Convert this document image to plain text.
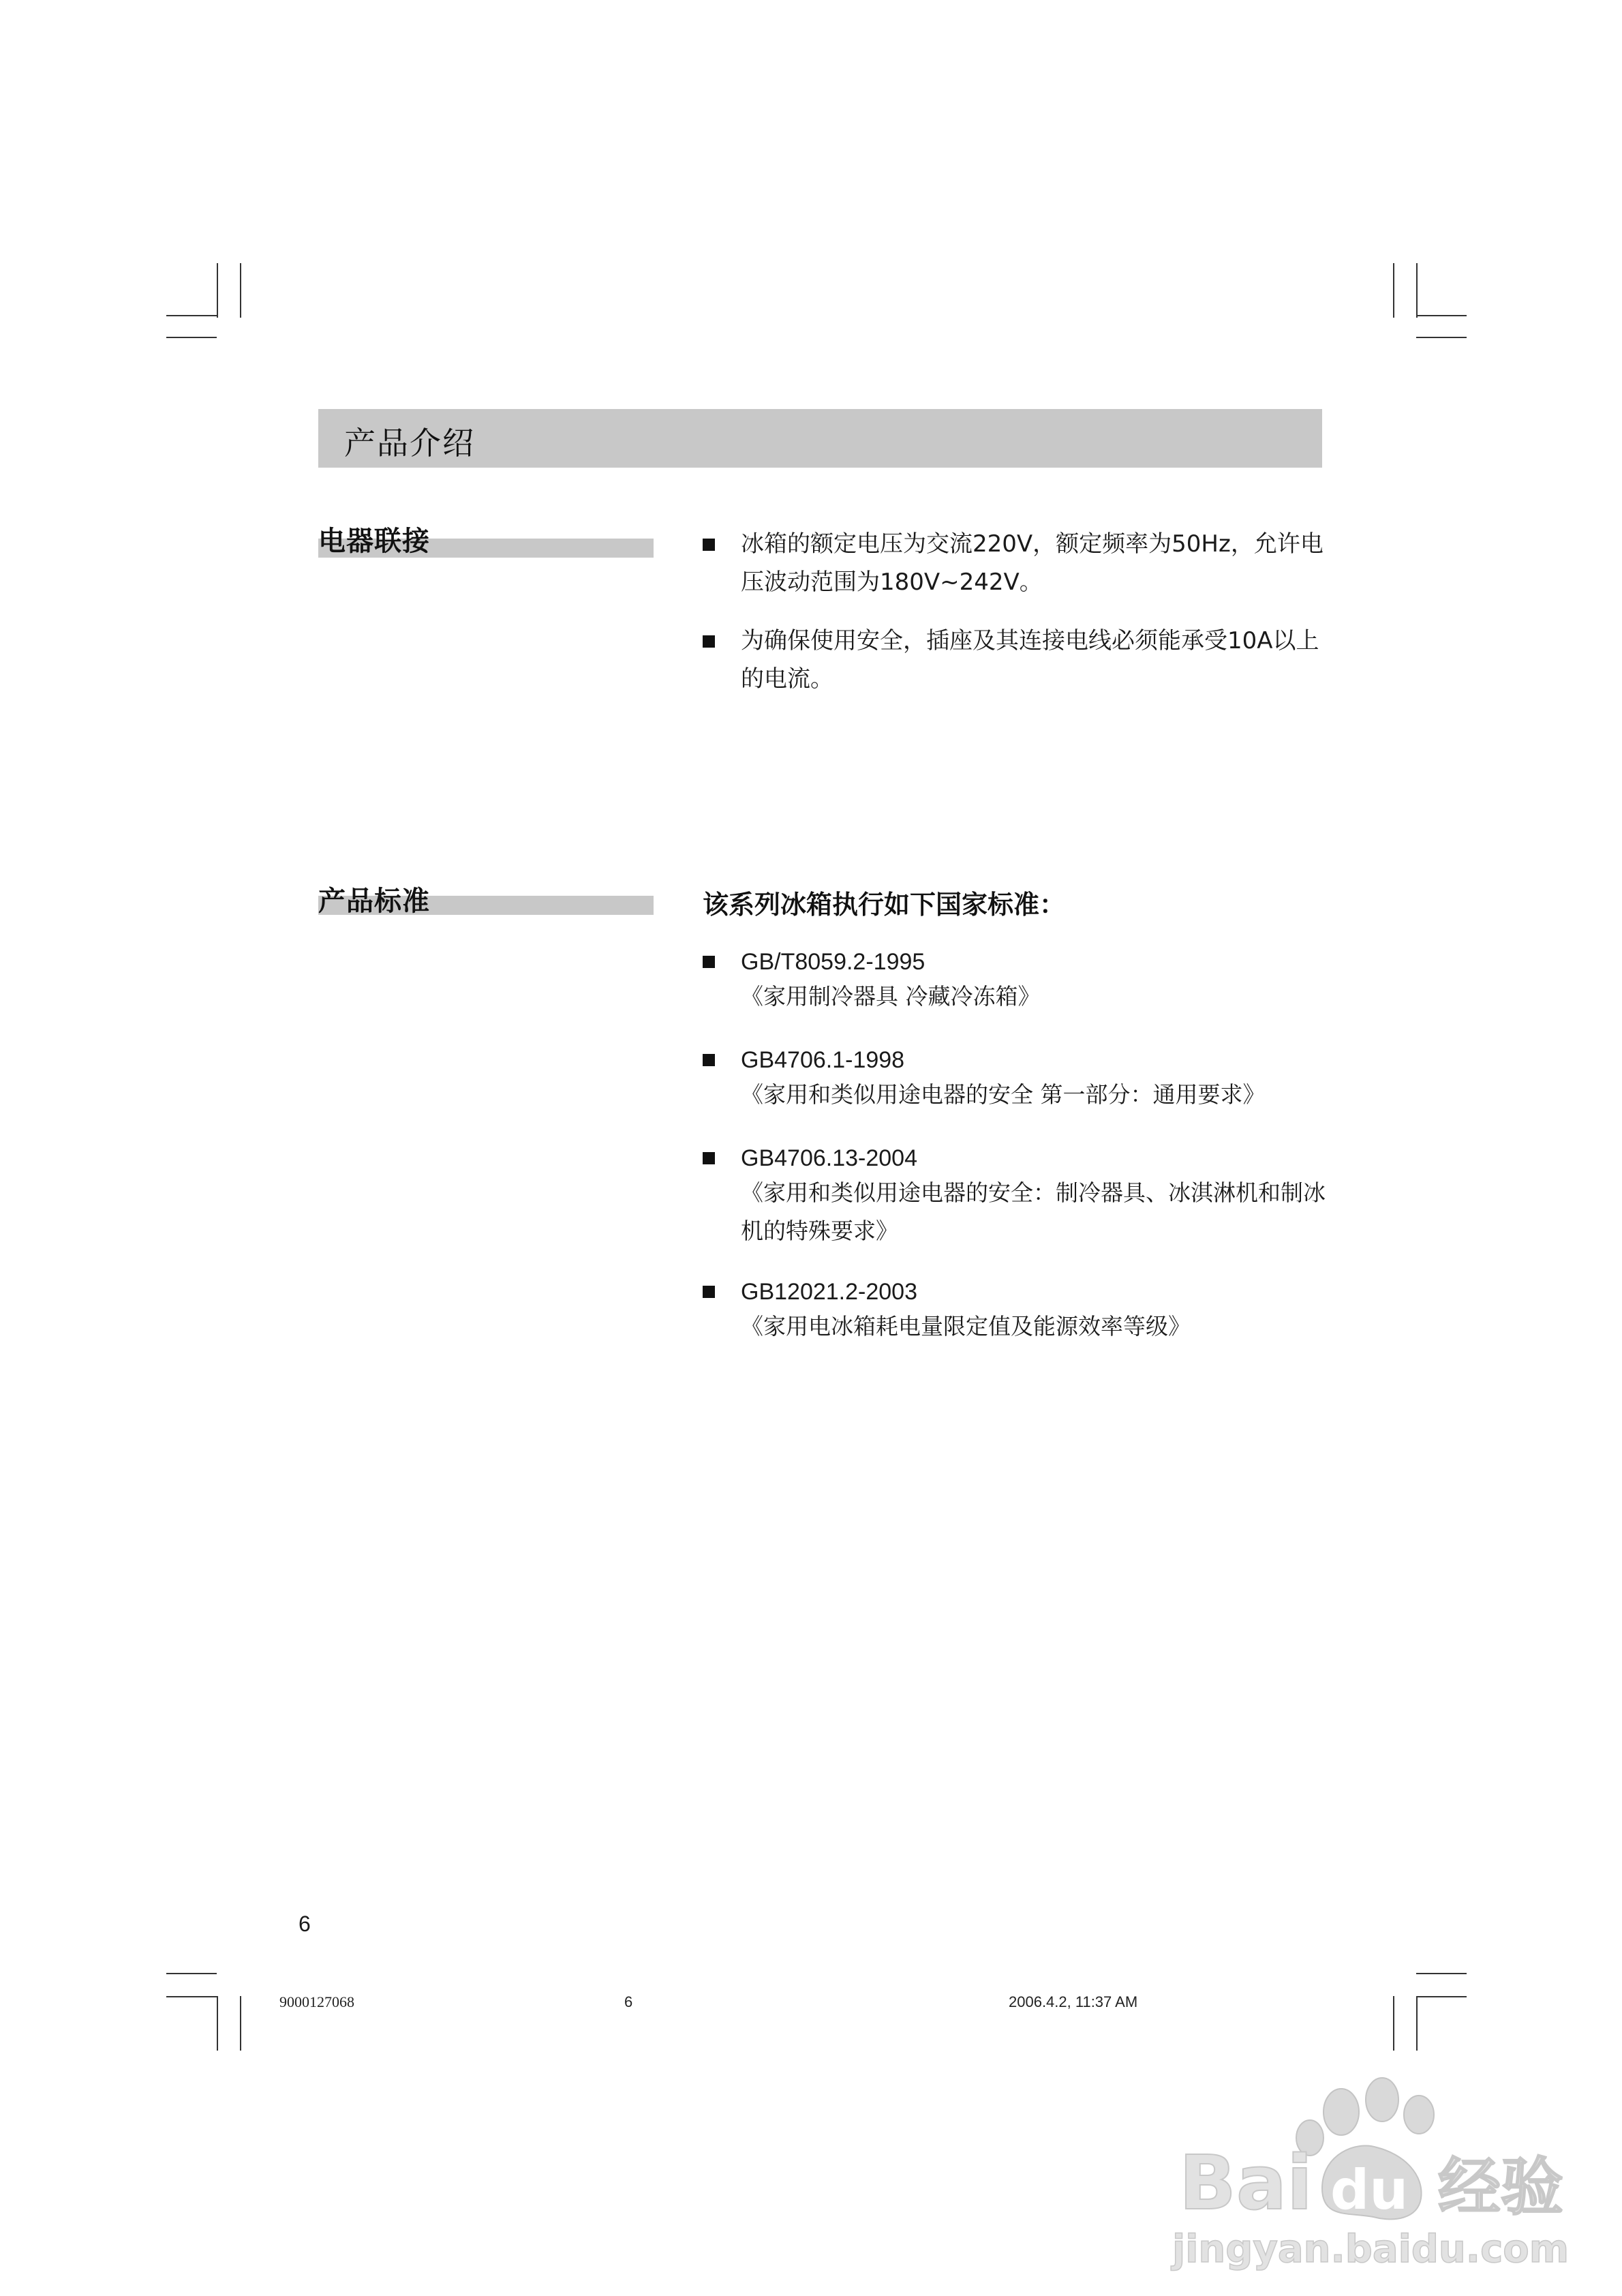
产品介绍
电器联接	冰箱的额定电压为交流220V，额定频率为50Hz，允许电压波动范围为180V~242V。
为确保使用安全，插座及其连接电线必须能承受10A以上的电流。
产品标准	该系列冰箱执行如下国家标准：
GB/T8059.2-1995
《家用制冷器具 冷藏冷冻箱》
GB4706.1-1998
《家用和类似用途电器的安全 第一部分：通用要求》
GB4706.13-2004
《家用和类似用途电器的安全：制冷器具、冰淇淋机和制冰机的特殊要求》
GB12021.2-2003
《家用电冰箱耗电量限定值及能源效率等级》
6
9000127068	6	2006.4.2, 11:37 AM
Bai du 经验
jingyan.baidu.com
